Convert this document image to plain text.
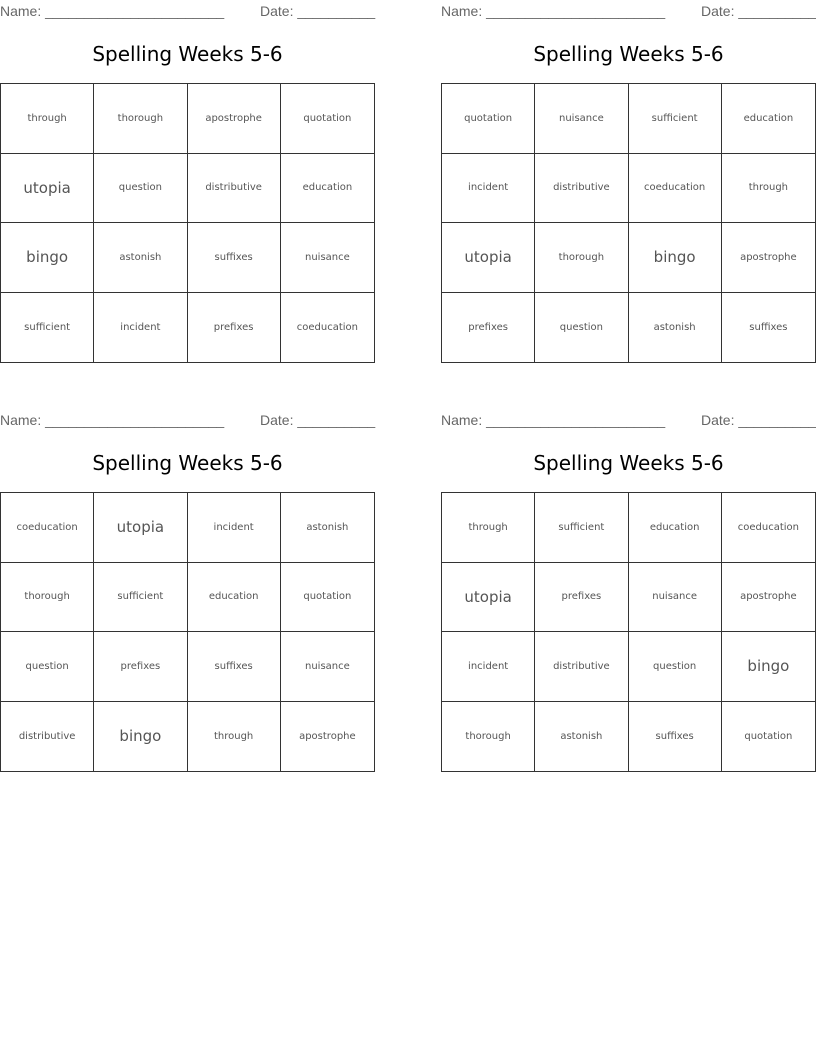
Name: _______________________

	Date: __________

Spelling Weeks 5-6
through	thorough	apostrophe	quotation
utopia	question	distributive	education
bingo	astonish	suffixes	nuisance
sufficient	incident	prefixes	coeducation

Name: _______________________

	Date: __________

Spelling Weeks 5-6
quotation	nuisance	sufficient	education
incident	distributive	coeducation	through
utopia	thorough	bingo	apostrophe
prefixes	question	astonish	suffixes

Name: _______________________

	Date: __________

Spelling Weeks 5-6
coeducation	utopia	incident	astonish
thorough	sufficient	education	quotation
question	prefixes	suffixes	nuisance
distributive	bingo	through	apostrophe

Name: _______________________

	Date: __________

Spelling Weeks 5-6
through	sufficient	education	coeducation
utopia	prefixes	nuisance	apostrophe
incident	distributive	question	bingo
thorough	astonish	suffixes	quotation
